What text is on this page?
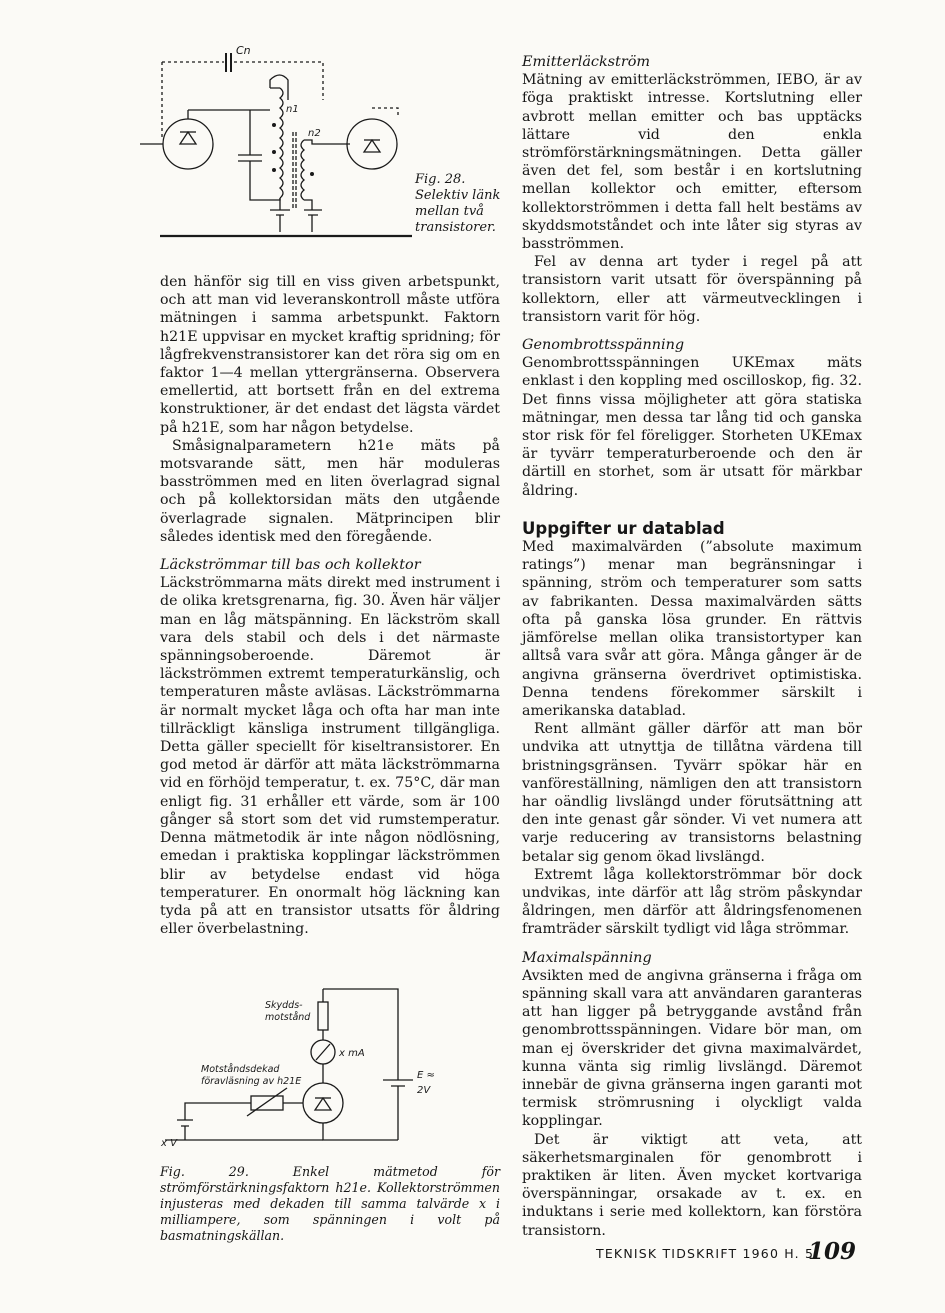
Cn
n1
n2
Fig. 28. Selektiv länk mellan två transistorer.

den hänför sig till en viss given arbetspunkt, och att man vid leveranskontroll måste utföra mätningen i samma arbetspunkt. Faktorn h21E uppvisar en mycket kraftig spridning; för lågfrekvenstransistorer kan det röra sig om en faktor 1—4 mellan yttergränserna. Observera emellertid, att bortsett från en del extrema konstruktioner, är det endast det lägsta värdet på h21E, som har någon betydelse.

Småsignalparametern h21e mäts på motsvarande sätt, men här moduleras basströmmen med en liten överlagrad signal och på kollektorsidan mäts den utgående överlagrade signalen. Mätprincipen blir således identisk med den föregående.

Läckströmmar till bas och kollektor

Läckströmmarna mäts direkt med instrument i de olika kretsgrenarna, fig. 30. Även här väljer man en låg mätspänning. En läckström skall vara dels stabil och dels i det närmaste spänningsoberoende. Däremot är läckströmmen extremt temperaturkänslig, och temperaturen måste avläsas. Läckströmmarna är normalt mycket låga och ofta har man inte tillräckligt känsliga instrument tillgängliga. Detta gäller speciellt för kiseltransistorer. En god metod är därför att mäta läckströmmarna vid en förhöjd temperatur, t. ex. 75°C, där man enligt fig. 31 erhåller ett värde, som är 100 gånger så stort som det vid rumstemperatur. Denna mätmetodik är inte någon nödlösning, emedan i praktiska kopplingar läckströmmen blir av betydelse endast vid höga temperaturer. En onormalt hög läckning kan tyda på att en transistor utsatts för åldring eller överbelastning.

Skydds-
motstånd
x mA
Motståndsdekad
föravläsning av h21E
x V
E ≈
2V
Fig. 29. Enkel mätmetod för strömförstärkningsfaktorn h21e. Kollektorströmmen injusteras med dekaden till samma talvärde x i milliampere, som spänningen i volt på basmatningskällan.

Emitterläckström

Mätning av emitterläckströmmen, IEBO, är av föga praktiskt intresse. Kortslutning eller avbrott mellan emitter och bas upptäcks lättare vid den enkla strömförstärkningsmätningen. Detta gäller även det fel, som består i en kortslutning mellan kollektor och emitter, eftersom kollektorströmmen i detta fall helt bestäms av skyddsmotståndet och inte låter sig styras av basströmmen.

Fel av denna art tyder i regel på att transistorn varit utsatt för överspänning på kollektorn, eller att värmeutvecklingen i transistorn varit för hög.

Genombrottsspänning

Genombrottsspänningen UKEmax mäts enklast i den koppling med oscilloskop, fig. 32. Det finns vissa möjligheter att göra statiska mätningar, men dessa tar lång tid och ganska stor risk för fel föreligger. Storheten UKEmax är tyvärr temperaturberoende och den är därtill en storhet, som är utsatt för märkbar åldring.

Uppgifter ur datablad

Med maximalvärden (”absolute maximum ratings”) menar man begränsningar i spänning, ström och temperaturer som satts av fabrikanten. Dessa maximalvärden sätts ofta på ganska lösa grunder. En rättvis jämförelse mellan olika transistortyper kan alltså vara svår att göra. Många gånger är de angivna gränserna överdrivet optimistiska. Denna tendens förekommer särskilt i amerikanska datablad.

Rent allmänt gäller därför att man bör undvika att utnyttja de tillåtna värdena till bristningsgränsen. Tyvärr spökar här en vanföreställning, nämligen den att transistorn har oändlig livslängd under förutsättning att den inte genast går sönder. Vi vet numera att varje reducering av transistorns belastning betalar sig genom ökad livslängd.

Extremt låga kollektorströmmar bör dock undvikas, inte därför att låg ström påskyndar åldringen, men därför att åldringsfenomenen framträder särskilt tydligt vid låga strömmar.

Maximalspänning

Avsikten med de angivna gränserna i fråga om spänning skall vara att användaren garanteras att han ligger på betryggande avstånd från genombrottsspänningen. Vidare bör man, om man ej överskrider det givna maximalvärdet, kunna vänta sig rimlig livslängd. Däremot innebär de givna gränserna ingen garanti mot termisk strömrusning i olyckligt valda kopplingar.

Det är viktigt att veta, att säkerhetsmarginalen för genombrott i praktiken är liten. Även mycket kortvariga överspänningar, orsakade av t. ex. en induktans i serie med kollektorn, kan förstöra transistorn.

TEKNISK TIDSKRIFT 1960 H. 5
109
